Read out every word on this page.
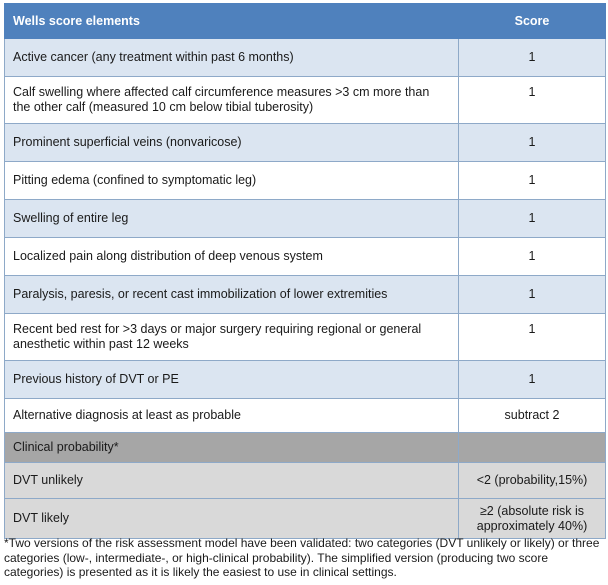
Wells score elements	Score
Active cancer (any treatment within past 6 months)	1
Calf swelling where affected calf circumference measures >3 cm more than the other calf (measured 10 cm below tibial tuberosity)	1
Prominent superficial veins (nonvaricose)	1
Pitting edema (confined to symptomatic leg)	1
Swelling of entire leg	1
Localized pain along distribution of deep venous system	1
Paralysis, paresis, or recent cast immobilization of lower extremities	1
Recent bed rest for >3 days or major surgery requiring regional or general anesthetic within past 12 weeks	1
Previous history of DVT or PE	1
Alternative diagnosis at least as probable	subtract 2
Clinical probability*	
DVT unlikely	<2 (probability,15%)
DVT likely	≥2 (absolute risk is approximately 40%)
*Two versions of the risk assessment model have been validated: two categories (DVT unlikely or likely) or three categories (low-, intermediate-, or high-clinical probability). The simplified version (producing two score categories) is presented as it is likely the easiest to use in clinical settings.
